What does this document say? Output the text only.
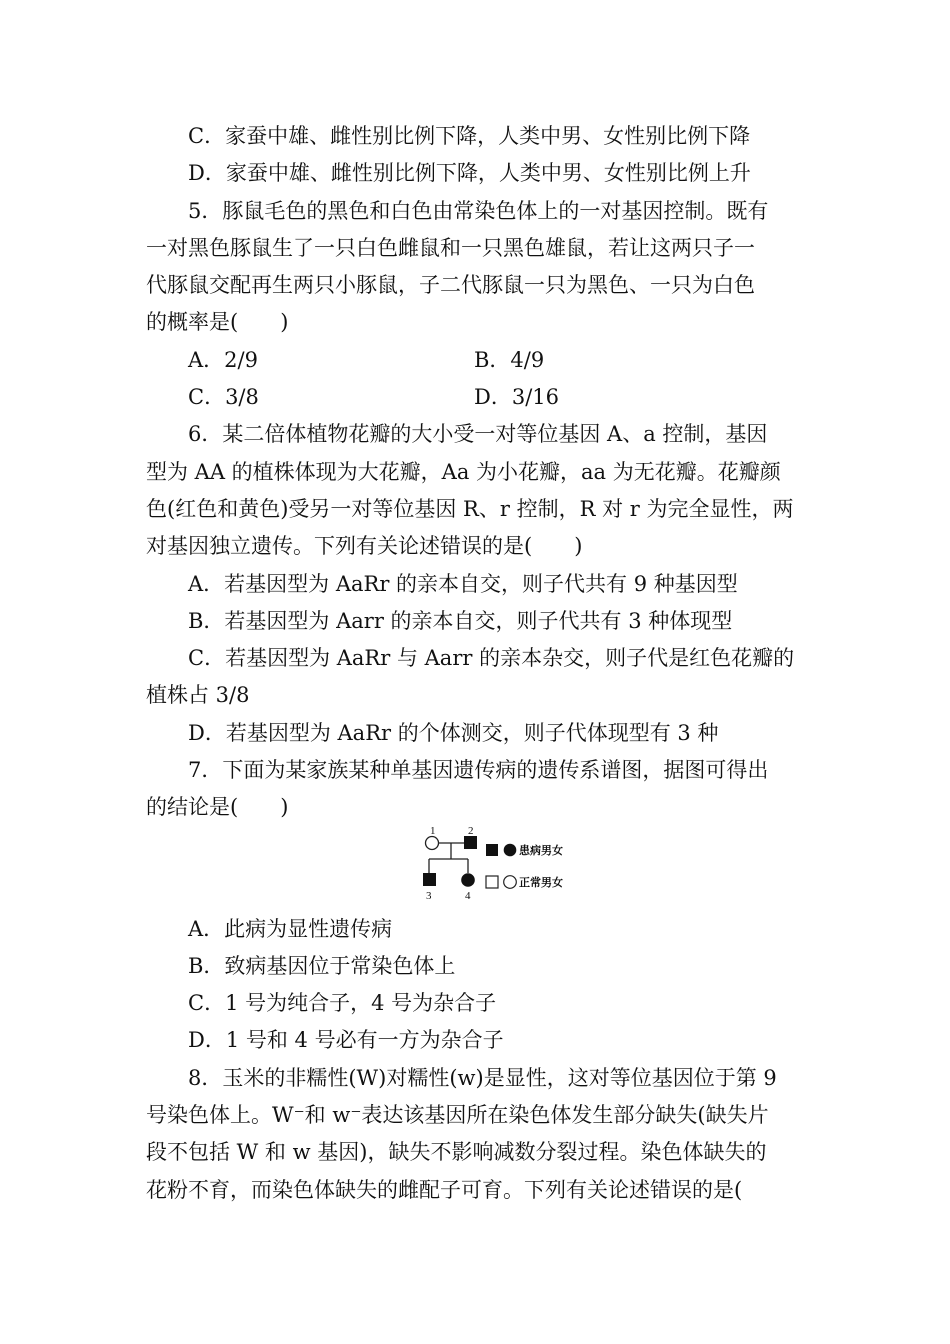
C．家蚕中雄、雌性别比例下降，人类中男、女性别比例下降
D．家蚕中雄、雌性别比例下降，人类中男、女性别比例上升
5．豚鼠毛色的黑色和白色由常染色体上的一对基因控制。既有
一对黑色豚鼠生了一只白色雌鼠和一只黑色雄鼠，若让这两只子一
代豚鼠交配再生两只小豚鼠，子二代豚鼠一只为黑色、一只为白色
的概率是(　　)
A．2/9	B．4/9
C．3/8	D．3/16
6．某二倍体植物花瓣的大小受一对等位基因 A、a 控制，基因
型为 AA 的植株体现为大花瓣，Aa 为小花瓣，aa 为无花瓣。花瓣颜
色(红色和黄色)受另一对等位基因 R、r 控制，R 对 r 为完全显性，两
对基因独立遗传。下列有关论述错误的是(　　)
A．若基因型为 AaRr 的亲本自交，则子代共有 9 种基因型
B．若基因型为 Aarr 的亲本自交，则子代共有 3 种体现型
C．若基因型为 AaRr 与 Aarr 的亲本杂交，则子代是红色花瓣的
植株占 3/8
D．若基因型为 AaRr 的个体测交，则子代体现型有 3 种
7．下面为某家族某种单基因遗传病的遗传系谱图，据图可得出
的结论是(　　)
1	2
3	4
患病男女
正常男女
A．此病为显性遗传病
B．致病基因位于常染色体上
C．1 号为纯合子，4 号为杂合子
D．1 号和 4 号必有一方为杂合子
8．玉米的非糯性(W)对糯性(w)是显性，这对等位基因位于第 9
号染色体上。W⁻和 w⁻表达该基因所在染色体发生部分缺失(缺失片
段不包括 W 和 w 基因)，缺失不影响减数分裂过程。染色体缺失的
花粉不育，而染色体缺失的雌配子可育。下列有关论述错误的是(
